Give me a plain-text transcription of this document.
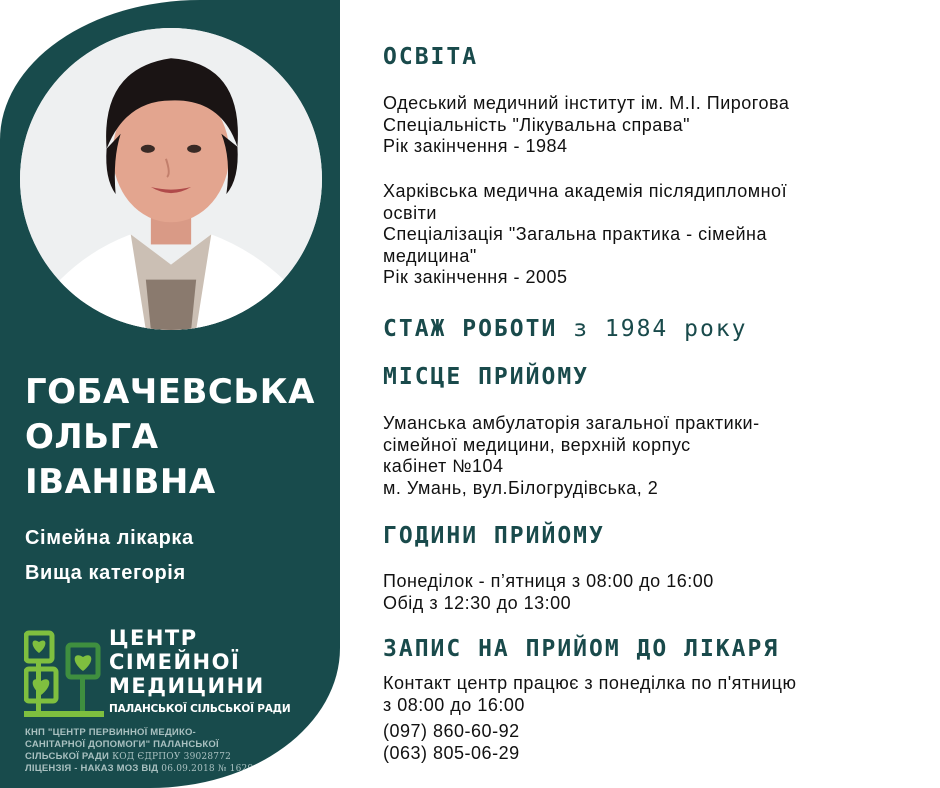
ГОБАЧЕВСЬКА
ОЛЬГА
ІВАНІВНА
Сімейна лікарка
Вища категорія
ЦЕНТР
СІМЕЙНОЇ
МЕДИЦИНИ
ПАЛАНСЬКОЇ СІЛЬСЬКОЇ РАДИ
КНП "ЦЕНТР ПЕРВИННОЇ МЕДИКО-
САНІТАРНОЇ ДОПОМОГИ" ПАЛАНСЬКОЇ
СІЛЬСЬКОЇ РАДИ КОД ЄДРПОУ 39028772
ЛІЦЕНЗІЯ - НАКАЗ МОЗ ВІД 06.09.2018 № 1629
ОСВІТА
Одеський медичний інститут ім. М.І. Пирогова
Спеціальність "Лікувальна справа"
Рік закінчення - 1984
Харківська медична академія післядипломної
освіти
Спеціалізація "Загальна практика - сімейна
медицина"
Рік закінчення - 2005
СТАЖ РОБОТИ з 1984 року
МІСЦЕ ПРИЙОМУ
Уманська амбулаторія загальної практики-
сімейної медицини, верхній корпус
кабінет №104
м. Умань, вул.Білогрудівська, 2
ГОДИНИ ПРИЙОМУ
Понеділок - п’ятниця з 08:00 до 16:00
Обід з 12:30 до 13:00
ЗАПИС НА ПРИЙОМ ДО ЛІКАРЯ
Контакт центр працює з понеділка по п'ятницю
з 08:00 до 16:00
(097) 860-60-92
(063) 805-06-29
